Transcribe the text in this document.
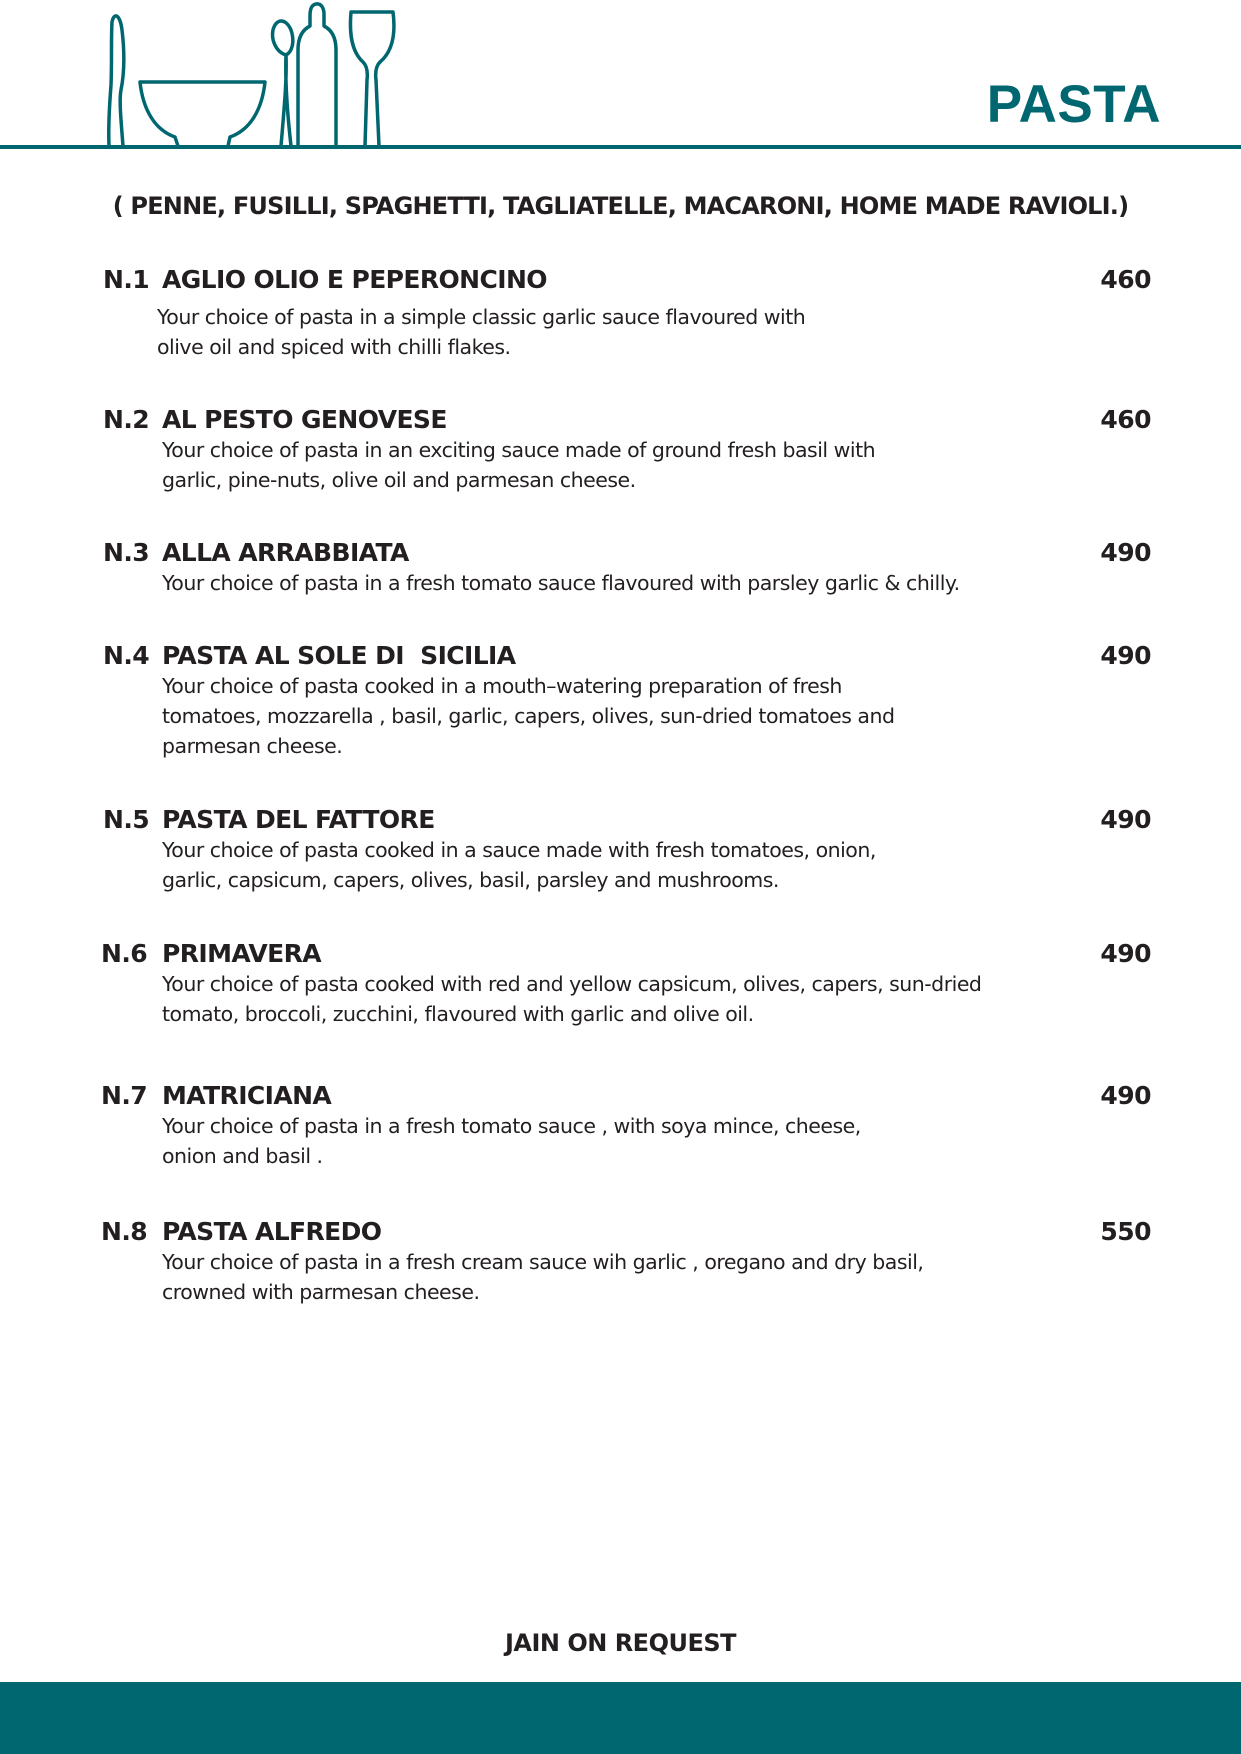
PASTA

( PENNE, FUSILLI, SPAGHETTI, TAGLIATELLE, MACARONI, HOME MADE RAVIOLI.)

N.1 AGLIO OLIO E PEPERONCINO	460

Your choice of pasta in a simple classic garlic sauce flavoured with
olive oil and spiced with chilli flakes.

N.2 AL PESTO GENOVESE	460

Your choice of pasta in an exciting sauce made of ground fresh basil with
garlic, pine-nuts, olive oil and parmesan cheese.

N.3 ALLA ARRABBIATA	490

Your choice of pasta in a fresh tomato sauce flavoured with parsley garlic & chilly.

N.4 PASTA AL SOLE DI  SICILIA	490

Your choice of pasta cooked in a mouth–watering preparation of fresh
tomatoes, mozzarella , basil, garlic, capers, olives, sun-dried tomatoes and
parmesan cheese.

N.5 PASTA DEL FATTORE	490

Your choice of pasta cooked in a sauce made with fresh tomatoes, onion,
garlic, capsicum, capers, olives, basil, parsley and mushrooms.

N.6 PRIMAVERA	490

Your choice of pasta cooked with red and yellow capsicum, olives, capers, sun-dried
tomato, broccoli, zucchini, flavoured with garlic and olive oil.

N.7 MATRICIANA	490

Your choice of pasta in a fresh tomato sauce , with soya mince, cheese,
onion and basil .

N.8 PASTA ALFREDO	550

Your choice of pasta in a fresh cream sauce wih garlic , oregano and dry basil,
crowned with parmesan cheese.

JAIN ON REQUEST
